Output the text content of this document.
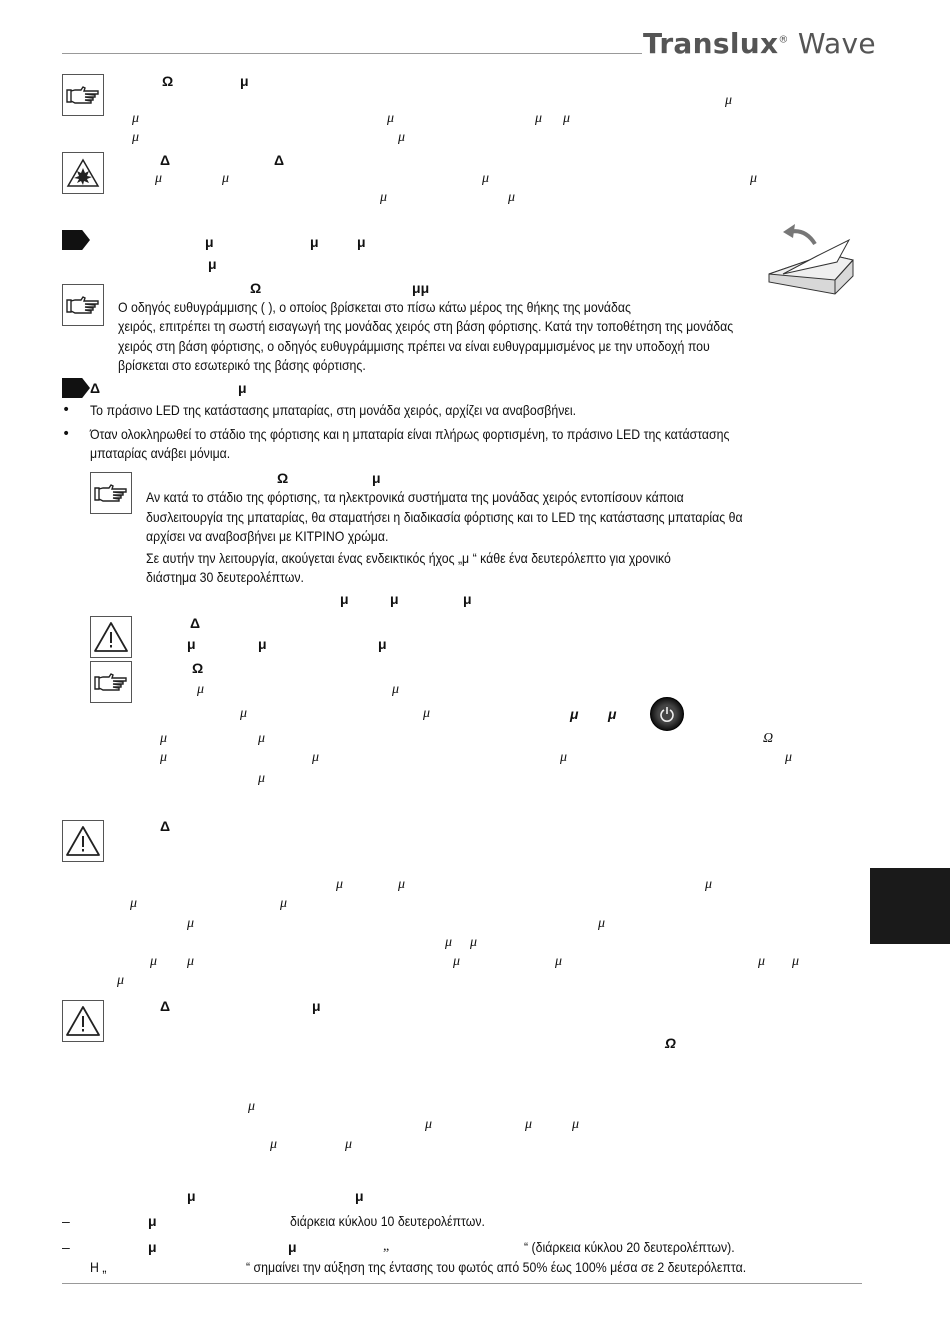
Translux® Wave
Ω	μ
μ
μ	μ	μ μ
μ	μ
Δ	Δ
μ	μ	μ	μ
μ	μ
μ	μ	μ
μ
Ω	μμ
Ο οδηγός ευθυγράμμισης ( ), ο οποίος βρίσκεται στο πίσω κάτω μέρος της θήκης της μονάδας
χειρός, επιτρέπει τη σωστή εισαγωγή της μονάδας χειρός στη βάση φόρτισης. Κατά την τοποθέτηση της μονάδας
χειρός στη βάση φόρτισης, ο οδηγός ευθυγράμμισης πρέπει να είναι ευθυγραμμισμένος με την υποδοχή που
βρίσκεται στο εσωτερικό της βάσης φόρτισης.
Δ	μ
• Το πράσινο LED της κατάστασης μπαταρίας, στη μονάδα χειρός, αρχίζει να αναβοσβήνει.
• Όταν ολοκληρωθεί το στάδιο της φόρτισης και η μπαταρία είναι πλήρως φορτισμένη, το πράσινο LED της κατάστασης
μπαταρίας ανάβει μόνιμα.
Ω	μ
Αν κατά το στάδιο της φόρτισης, τα ηλεκτρονικά συστήματα της μονάδας χειρός εντοπίσουν κάποια
δυσλειτουργία της μπαταρίας, θα σταματήσει η διαδικασία φόρτισης και το LED της κατάστασης μπαταρίας θα
αρχίσει να αναβοσβήνει με ΚΙΤΡΙΝΟ χρώμα.
Σε αυτήν την λειτουργία, ακούγεται ένας ενδεικτικός ήχος „μ “ κάθε ένα δευτερόλεπτο για χρονικό
διάστημα 30 δευτερολέπτων.
μ	μ	μ
Δ
μ	μ	μ
Ω
μ	μ
μ	μ	μ μ
μ	μ	Ω
μ	μ	μ	μ
μ
Δ
μ	μ	μ
μ	μ
μ	μ
μ μ
μ μ	μ	μ	μ μ
μ
Δ	μ
Ω
μ
μ	μ	μ
μ	μ
μ	μ
–	μ	διάρκεια κύκλου 10 δευτερολέπτων.
–	μ	μ	„	“ (διάρκεια κύκλου 20 δευτερολέπτων).
Η „	“ σημαίνει την αύξηση της έντασης του φωτός από 50% έως 100% μέσα σε 2 δευτερόλεπτα.
